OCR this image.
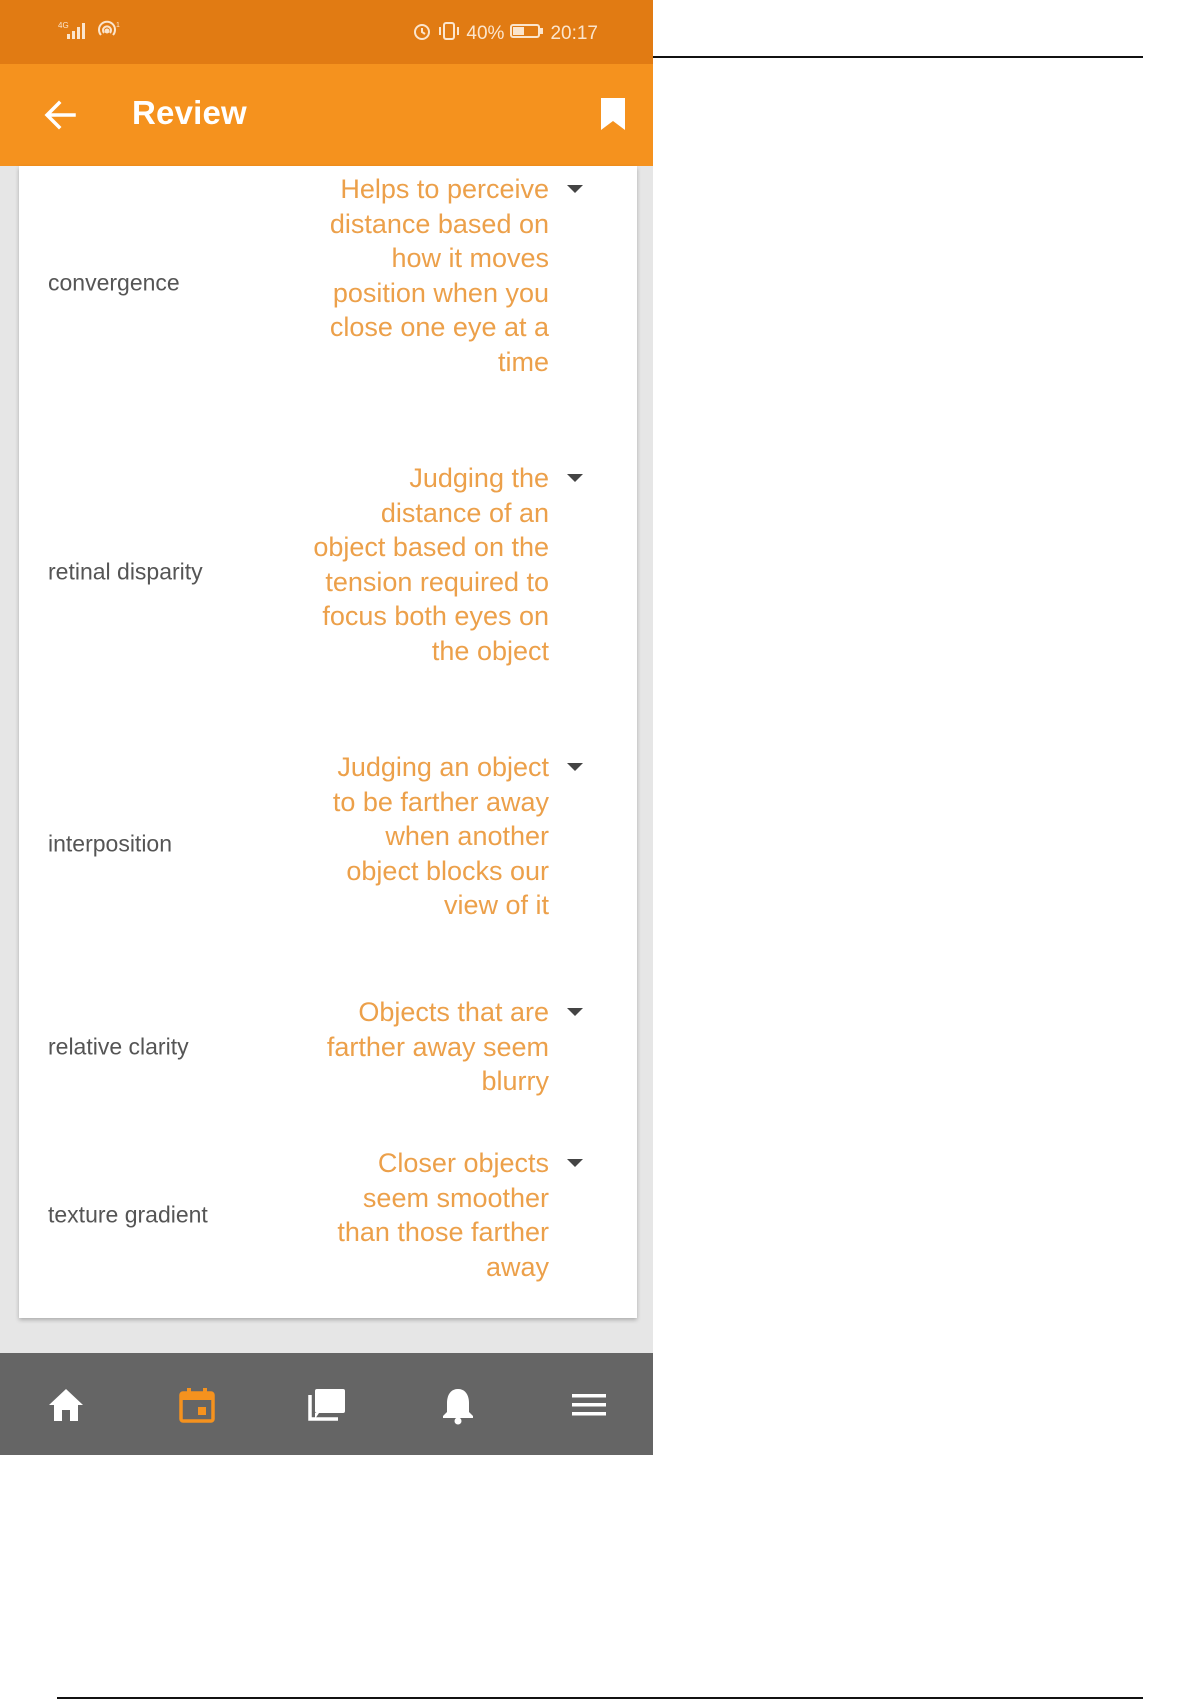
4G	1	40% 20:17
Review
convergence
Helps to perceive distance based on how it moves position when you close one eye at a time
retinal disparity
Judging the distance of an object based on the tension required to focus both eyes on the object
interposition
Judging an object to be farther away when another object blocks our view of it
relative clarity
Objects that are farther away seem blurry
texture gradient
Closer objects seem smoother than those farther away
